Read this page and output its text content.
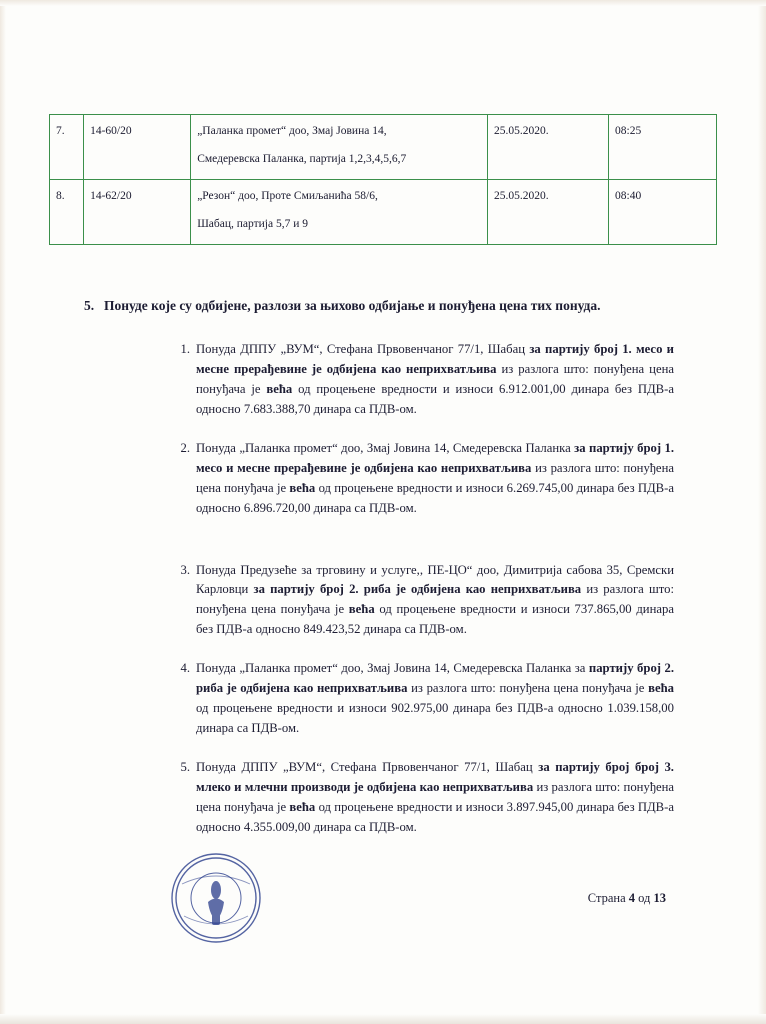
7.	14-60/20	„Паланка промет“ доо, Змај Јовина 14,
Смедеревска Паланка, партија 1,2,3,4,5,6,7	25.05.2020.	08:25
8.	14-62/20	„Резон“ доо, Проте Смиљанића 58/6,
Шабац, партија 5,7 и 9	25.05.2020.	08:40
5. Понуде које су одбијене, разлози за њихово одбијање и понуђена цена тих понуда.
1. Понуда ДППУ „ВУМ“, Стефана Првовенчаног 77/1, Шабац за партију број 1. месо и месне прерађевине је одбијена као неприхватљива из разлога што: понуђена цена понуђача је већа од процењене вредности и износи 6.912.001,00 динара без ПДВ-а односно 7.683.388,70 динара са ПДВ-ом.
2. Понуда „Паланка промет“ доо, Змај Јовина 14, Смедеревска Паланка за партију број 1. месо и месне прерађевине је одбијена као неприхватљива из разлога што: понуђена цена понуђача је већа од процењене вредности и износи 6.269.745,00 динара без ПДВ-а односно 6.896.720,00 динара са ПДВ-ом.
3. Понуда Предузеће за трговину и услуге,, ПЕ-ЦО“ доо, Димитрија сабова 35, Сремски Карловци за партију број 2. риба је одбијена као неприхватљива из разлога што: понуђена цена понуђача је већа од процењене вредности и износи 737.865,00 динара без ПДВ-а односно 849.423,52 динара са ПДВ-ом.
4. Понуда „Паланка промет“ доо, Змај Јовина 14, Смедеревска Паланка за партију број 2. риба је одбијена као неприхватљива из разлога што: понуђена цена понуђача је већа од процењене вредности и износи 902.975,00 динара без ПДВ-а односно 1.039.158,00 динара са ПДВ-ом.
5. Понуда ДППУ „ВУМ“, Стефана Првовенчаног 77/1, Шабац за партију број број 3. млеко и млечни производи је одбијена као неприхватљива из разлога што: понуђена цена понуђача је већа од процењене вредности и износи 3.897.945,00 динара без ПДВ-а односно 4.355.009,00 динара са ПДВ-ом.
Страна 4 од 13
